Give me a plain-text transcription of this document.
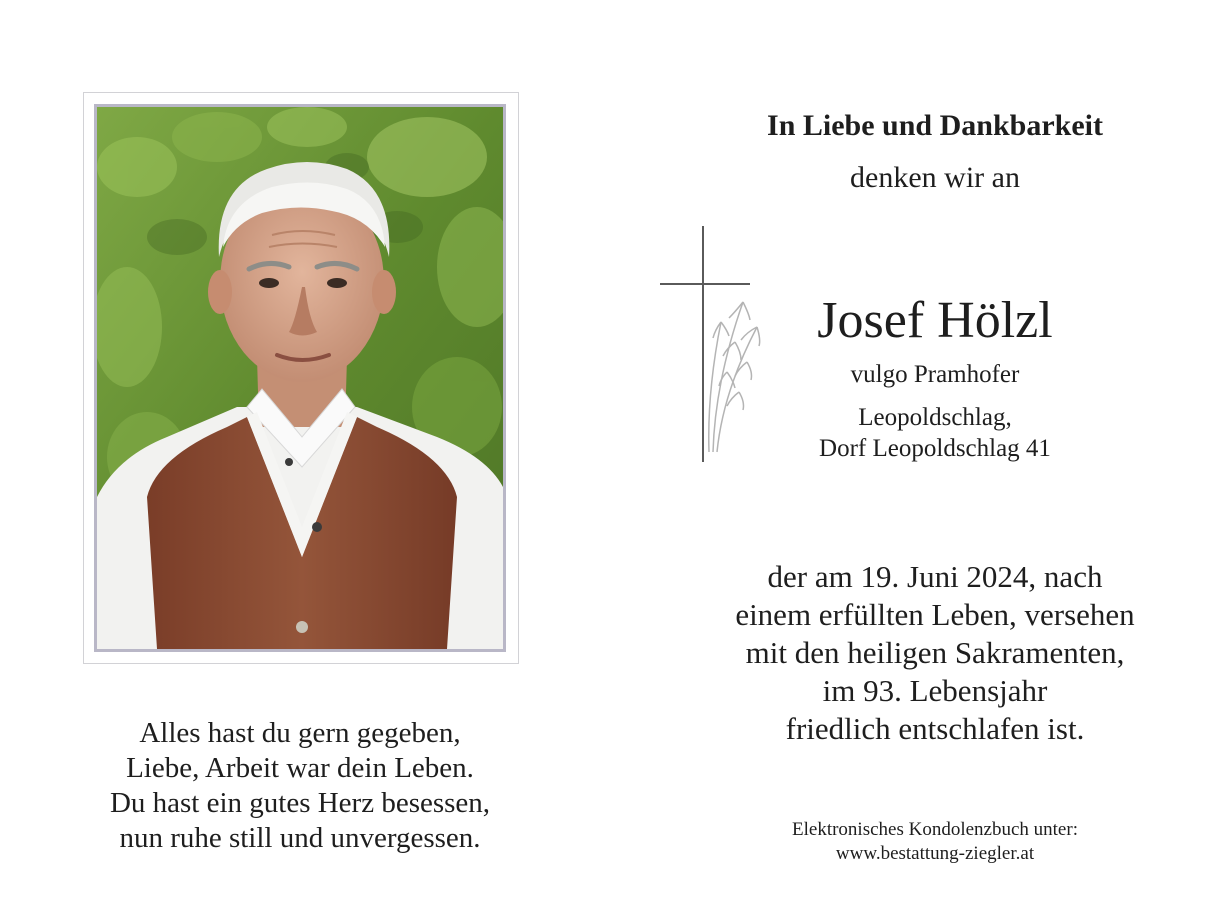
Alles hast du gern gegeben,
Liebe, Arbeit war dein Leben.
Du hast ein gutes Herz besessen,
nun ruhe still und unvergessen.
In Liebe und Dankbarkeit
denken wir an
Josef Hölzl
vulgo Pramhofer
Leopoldschlag,
Dorf Leopoldschlag 41
der am 19. Juni 2024, nach
einem erfüllten Leben, versehen
mit den heiligen Sakramenten,
im 93. Lebensjahr
friedlich entschlafen ist.
Elektronisches Kondolenzbuch unter:
www.bestattung-ziegler.at
